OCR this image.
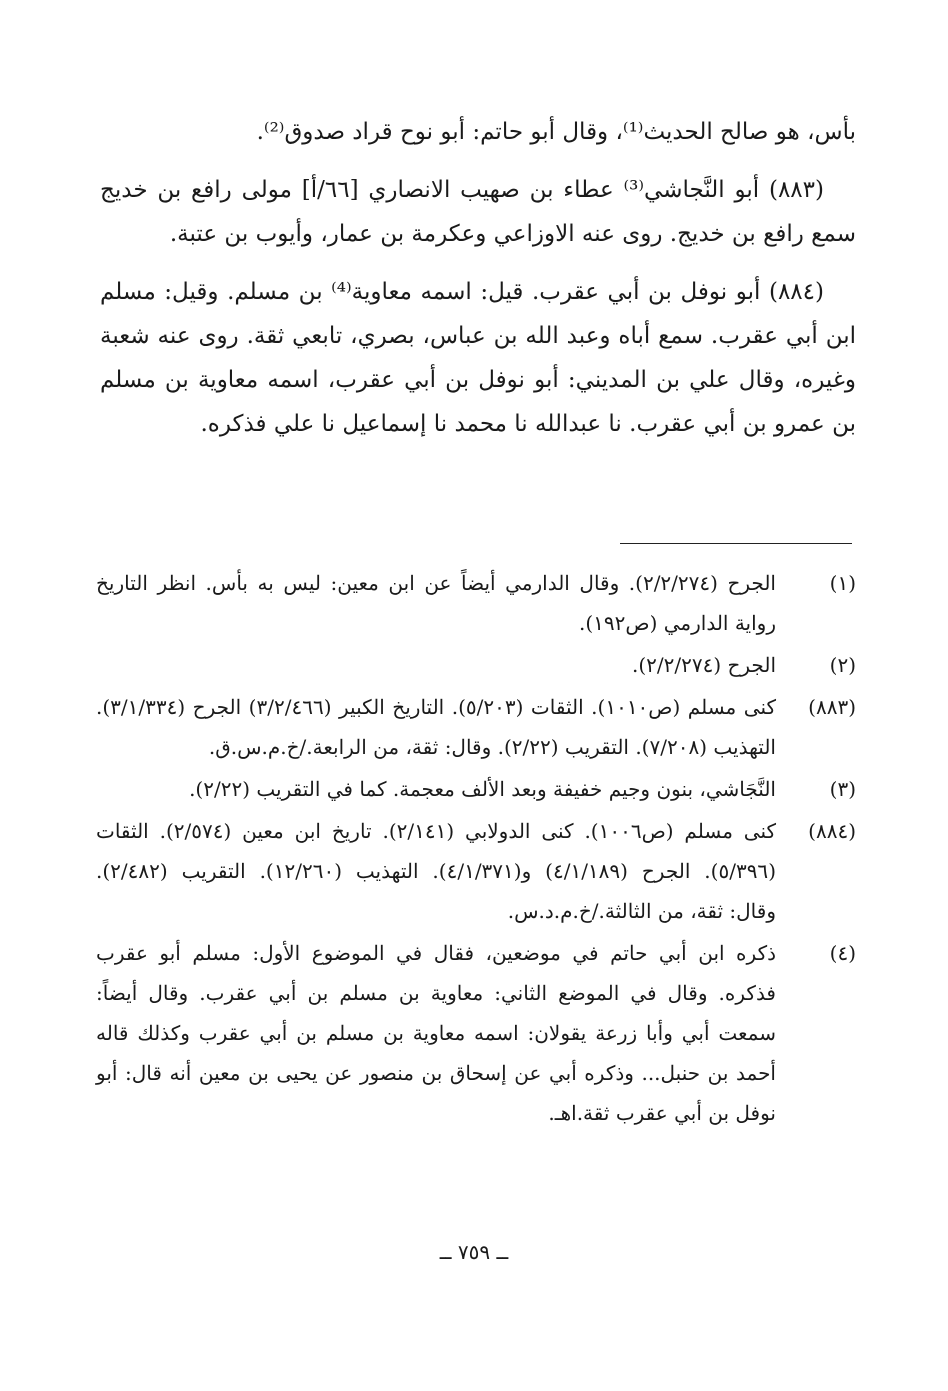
بأس، هو صالح الحديث⁽¹⁾، وقال أبو حاتم: أبو نوح قراد صدوق⁽²⁾.

(٨٨٣) أبو النَّجاشي⁽³⁾ عطاء بن صهيب الانصاري [٦٦/أ] مولى رافع بن خديج سمع رافع بن خديج. روى عنه الاوزاعي وعكرمة بن عمار، وأيوب بن عتبة.

(٨٨٤) أبو نوفل بن أبي عقرب. قيل: اسمه معاوية⁽⁴⁾ بن مسلم. وقيل: مسلم ابن أبي عقرب. سمع أباه وعبد الله بن عباس، بصري، تابعي ثقة. روى عنه شعبة وغيره، وقال علي بن المديني: أبو نوفل بن أبي عقرب، اسمه معاوية بن مسلم بن عمرو بن أبي عقرب. نا عبدالله نا محمد نا إسماعيل نا علي فذكره.

(١)
الجرح (٢/٢/٢٧٤). وقال الدارمي أيضاً عن ابن معين: ليس به بأس. انظر التاريخ رواية الدارمي (ص١٩٢).
(٢)
الجرح (٢/٢/٢٧٤).
(٨٨٣)
كنى مسلم (ص١٠١٠). الثقات (٥/٢٠٣). التاريخ الكبير (٣/٢/٤٦٦) الجرح (٣/١/٣٣٤). التهذيب (٧/٢٠٨). التقريب (٢/٢٢). وقال: ثقة، من الرابعة./خ.م.س.ق.
(٣)
النَّجَاشي، بنون وجيم خفيفة وبعد الألف معجمة. كما في التقريب (٢/٢٢).
(٨٨٤)
كنى مسلم (ص١٠٠٦). كنى الدولابي (٢/١٤١). تاريخ ابن معين (٢/٥٧٤). الثقات (٥/٣٩٦). الجرح (٤/١/١٨٩) و(٤/١/٣٧١). التهذيب (١٢/٢٦٠). التقريب (٢/٤٨٢). وقال: ثقة، من الثالثة./خ.م.د.س.
(٤)
ذكره ابن أبي حاتم في موضعين، فقال في الموضوع الأول: مسلم أبو عقرب فذكره. وقال في الموضع الثاني: معاوية بن مسلم بن أبي عقرب. وقال أيضاً: سمعت أبي وأبا زرعة يقولان: اسمه معاوية بن مسلم بن أبي عقرب وكذلك قاله أحمد بن حنبل... وذكره أبي عن إسحاق بن منصور عن يحيى بن معين أنه قال: أبو نوفل بن أبي عقرب ثقة.اهـ.
ــ ٧٥٩ ــ
